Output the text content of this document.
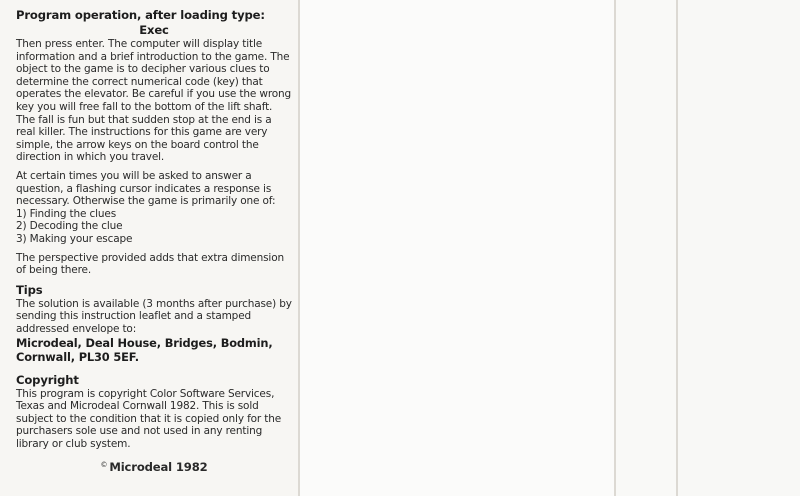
Program operation, after loading type:
Exec

Then press enter. The computer will display title information and a brief introduction to the game. The object to the game is to decipher various clues to determine the correct numerical code (key) that operates the elevator. Be careful if you use the wrong key you will free fall to the bottom of the lift shaft. The fall is fun but that sudden stop at the end is a real killer. The instructions for this game are very simple, the arrow keys on the board control the direction in which you travel.

At certain times you will be asked to answer a question, a flashing cursor indicates a response is necessary. Otherwise the game is primarily one of:

1) Finding the clues
2) Decoding the clue
3) Making your escape

The perspective provided adds that extra dimension of being there.

Tips

The solution is available (3 months after purchase) by sending this instruction leaflet and a stamped addressed envelope to:

Microdeal, Deal House, Bridges, Bodmin, Cornwall, PL30 5EF.
Copyright

This program is copyright Color Software Services, Texas and Microdeal Cornwall 1982. This is sold subject to the condition that it is copied only for the purchasers sole use and not used in any renting library or club system.

© Microdeal 1982
